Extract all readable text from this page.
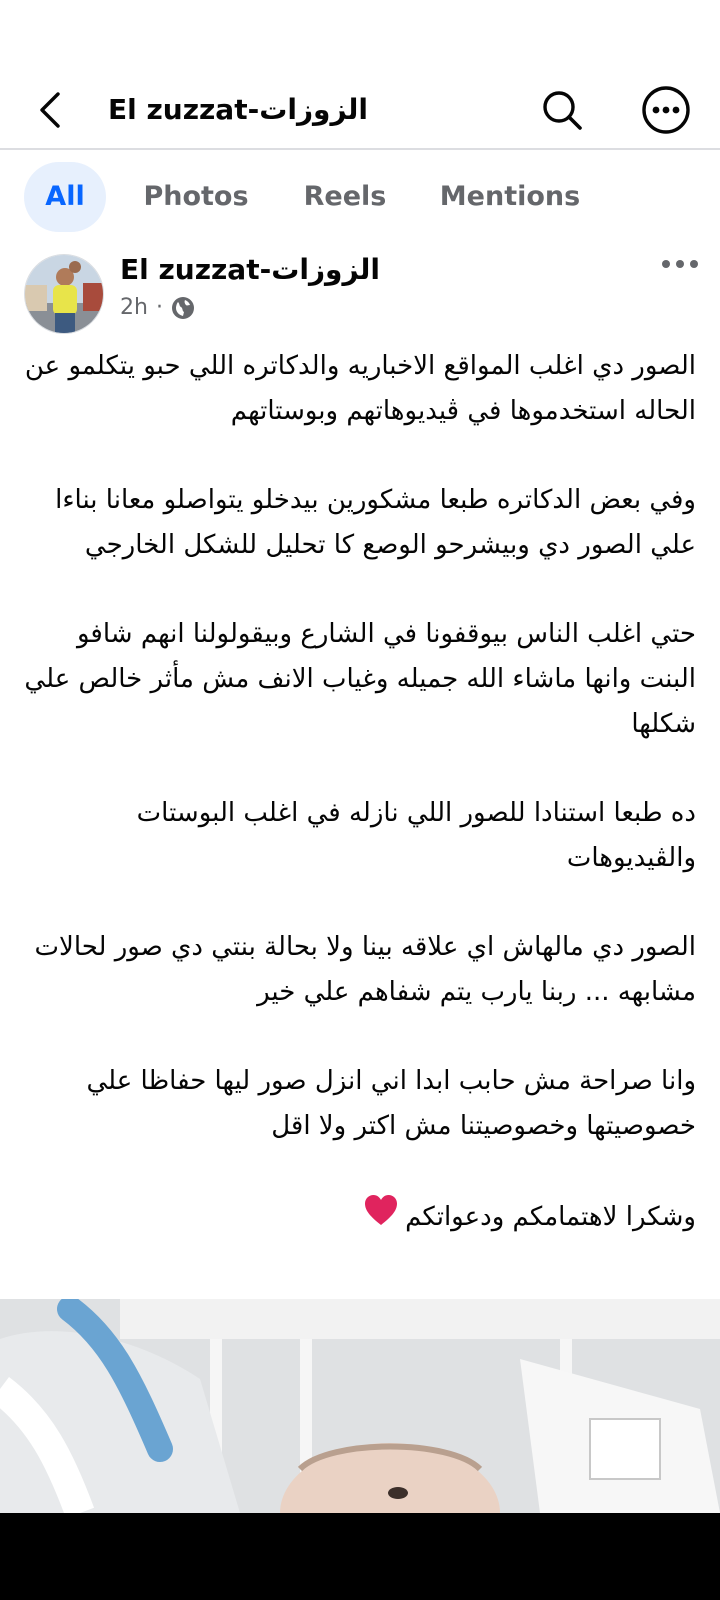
El zuzzat-الزوزات
All	Photos	Reels	Mentions
El zuzzat-الزوزات
2h ·

الصور دي اغلب المواقع الاخباريه والدكاتره اللي حبو يتكلمو عن الحاله استخدموها في ڤيديوهاتهم وبوستاتهم

وفي بعض الدكاتره طبعا مشكورين بيدخلو يتواصلو معانا بناءا علي الصور دي وبيشرحو الوصع كا تحليل للشكل الخارجي

حتي اغلب الناس بيوقفونا في الشارع وبيقولولنا انهم شافو البنت وانها ماشاء الله جميله وغياب الانف مش مأثر خالص علي شكلها

ده طبعا استنادا للصور اللي نازله في اغلب البوستات والڤيديوهات

الصور دي مالهاش اي علاقه بينا ولا بحالة بنتي دي صور لحالات مشابهه ... ربنا يارب يتم شفاهم علي خير

وانا صراحة مش حابب ابدا اني انزل صور ليها حفاظا علي خصوصيتها وخصوصيتنا مش اكتر ولا اقل

وشكرا لاهتمامكم ودعواتكم
